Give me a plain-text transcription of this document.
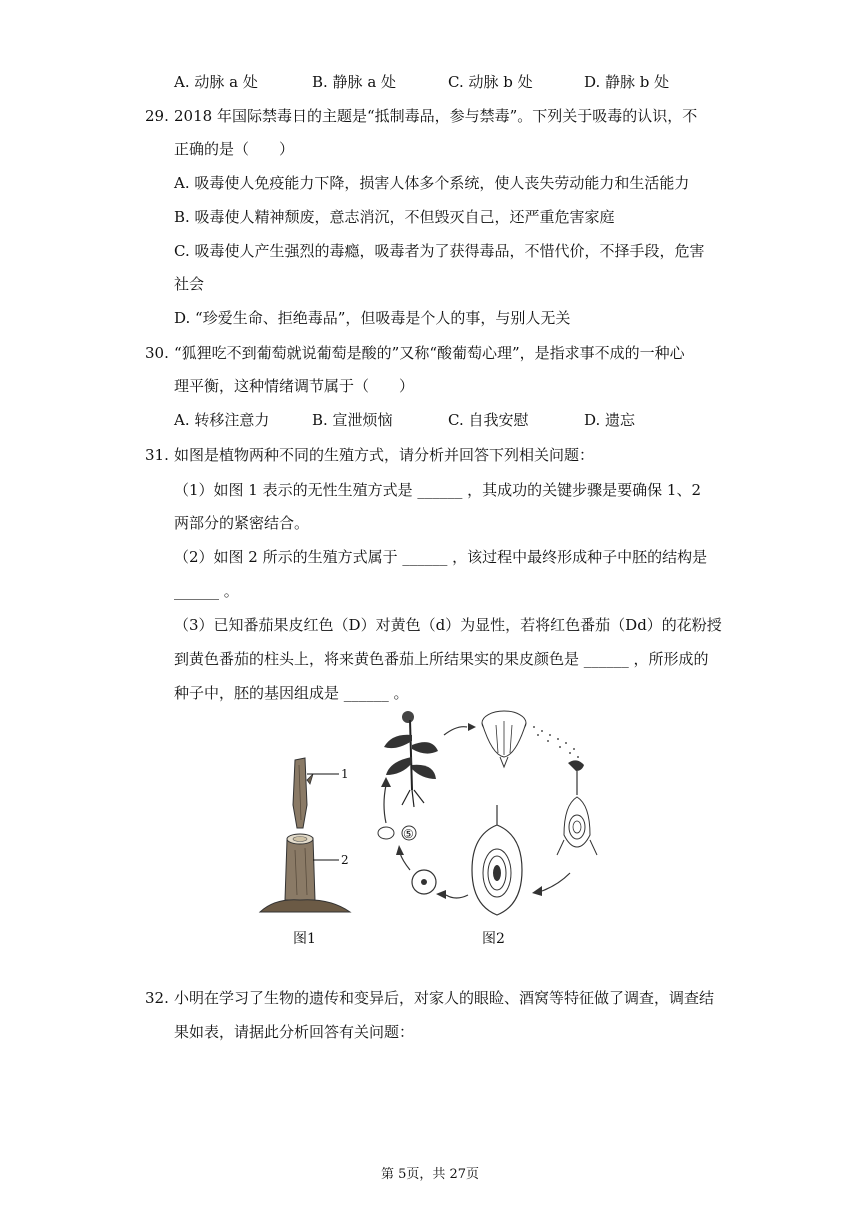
A. 动脉 a 处	B. 静脉 a 处	C. 动脉 b 处	D. 静脉 b 处
29. 2018 年国际禁毒日的主题是“抵制毒品，参与禁毒”。下列关于吸毒的认识，不
正确的是（　　）
A. 吸毒使人免疫能力下降，损害人体多个系统，使人丧失劳动能力和生活能力
B. 吸毒使人精神颓废，意志消沉，不但毁灭自己，还严重危害家庭
C. 吸毒使人产生强烈的毒瘾，吸毒者为了获得毒品，不惜代价，不择手段，危害
社会
D. “珍爱生命、拒绝毒品”，但吸毒是个人的事，与别人无关
30. “狐狸吃不到葡萄就说葡萄是酸的”又称“酸葡萄心理”，是指求事不成的一种心
理平衡，这种情绪调节属于（　　）
A. 转移注意力	B. 宣泄烦恼	C. 自我安慰	D. 遗忘
31. 如图是植物两种不同的生殖方式，请分析并回答下列相关问题：
（1）如图 1 表示的无性生殖方式是 ______ ，其成功的关键步骤是要确保 1、2
两部分的紧密结合。
（2）如图 2 所示的生殖方式属于 ______ ，该过程中最终形成种子中胚的结构是
______ 。
（3）已知番茄果皮红色（D）对黄色（d）为显性，若将红色番茄（Dd）的花粉授
到黄色番茄的柱头上，将来黄色番茄上所结果实的果皮颜色是 ______ ，所形成的
种子中，胚的基因组成是 ______ 。
1
2
图1
⑤
图2
32. 小明在学习了生物的遗传和变异后，对家人的眼睑、酒窝等特征做了调查，调查结
果如表，请据此分析回答有关问题：
第 5页，共 27页
